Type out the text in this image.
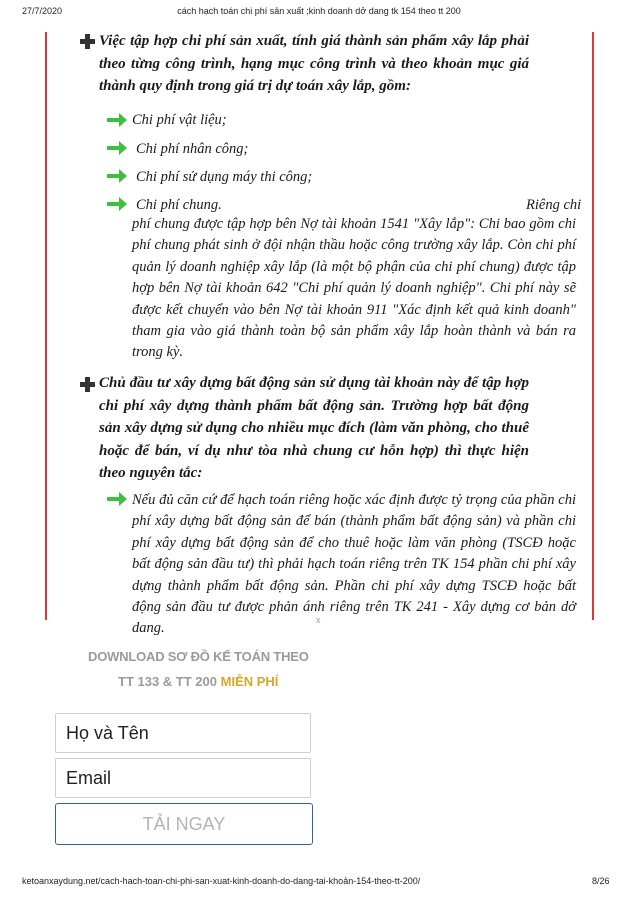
27/7/2020	cách hạch toán chi phí sản xuất ;kinh doanh dở dang tk 154 theo tt 200
Việc tập hợp chi phí sản xuất, tính giá thành sản phẩm xây lắp phải theo từng công trình, hạng mục công trình và theo khoản mục giá thành quy định trong giá trị dự toán xây lắp, gồm:
Chi phí vật liệu;
Chi phí nhân công;
Chi phí sử dụng máy thi công;
Chi phí chung.	Riêng chi
phí chung được tập hợp bên Nợ tài khoản 1541 "Xây lắp": Chi bao gồm chi phí chung phát sinh ở đội nhận thầu hoặc công trường xây lắp. Còn chi phí quản lý doanh nghiệp xây lắp (là một bộ phận của chi phí chung) được tập hợp bên Nợ tài khoản 642 "Chi phí quản lý doanh nghiệp". Chi phí này sẽ được kết chuyển vào bên Nợ tài khoản 911 "Xác định kết quả kinh doanh" tham gia vào giá thành toàn bộ sản phẩm xây lắp hoàn thành và bán ra trong kỳ.
Chủ đầu tư xây dựng bất động sản sử dụng tài khoản này để tập hợp chi phí xây dựng thành phẩm bất động sản. Trường hợp bất động sản xây dựng sử dụng cho nhiều mục đích (làm văn phòng, cho thuê hoặc để bán, ví dụ như tòa nhà chung cư hỗn hợp) thì thực hiện theo nguyên tắc:
Nếu đủ căn cứ để hạch toán riêng hoặc xác định được tỷ trọng của phần chi phí xây dựng bất động sản để bán (thành phẩm bất động sản) và phần chi phí xây dựng bất động sản để cho thuê hoặc làm văn phòng (TSCĐ hoặc bất động sản đầu tư) thì phải hạch toán riêng trên TK 154 phần chi phí xây dựng thành phẩm bất động sản. Phần chi phí xây dựng TSCĐ hoặc bất động sản đầu tư được phản ánh riêng trên TK 241 - Xây dựng cơ bản dở dang.
x
DOWNLOAD SƠ ĐỒ KẾ TOÁN THEO
TT 133 & TT 200 MIỄN PHÍ
Họ và Tên
Email
TẢI NGAY
ketoanxaydung.net/cach-hach-toan-chi-phi-san-xuat-kinh-doanh-do-dang-tai-khoản-154-theo-tt-200/	8/26
